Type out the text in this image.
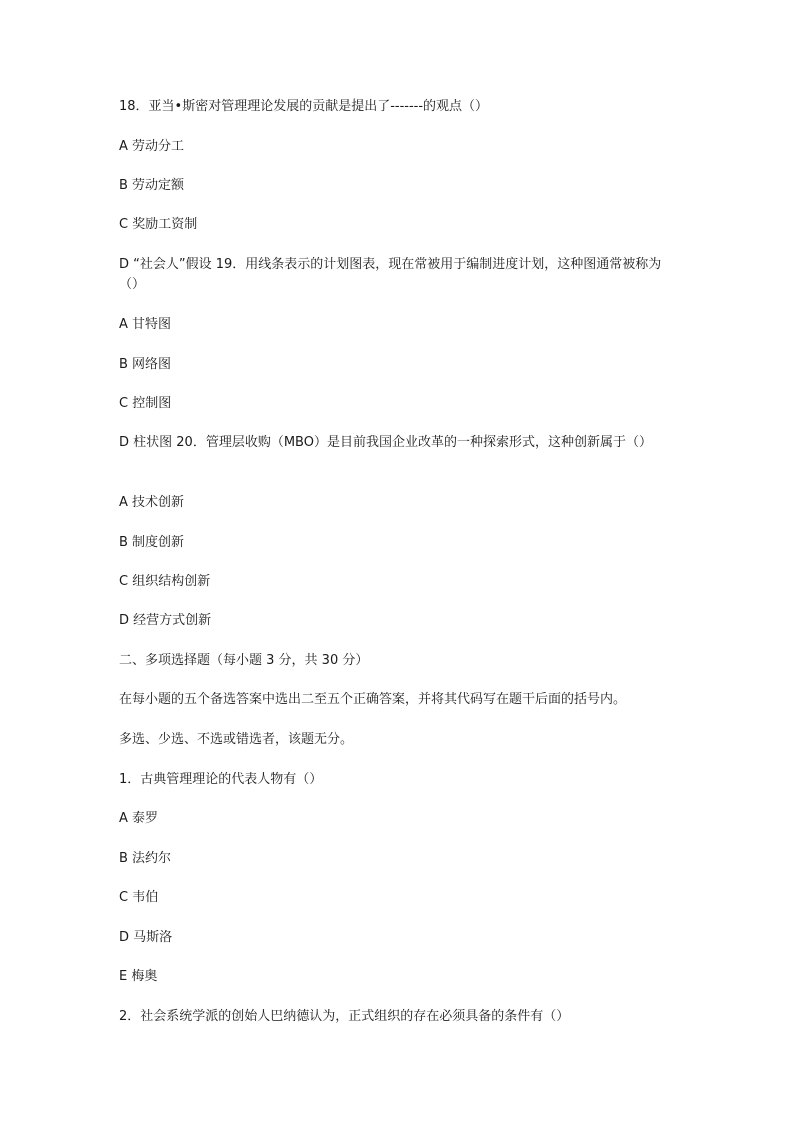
18．亚当•斯密对管理理论发展的贡献是提出了-------的观点（）

A 劳动分工

B 劳动定额

C 奖励工资制

D “社会人”假设 19．用线条表示的计划图表，现在常被用于编制进度计划，这种图通常被称为（）

A 甘特图

B 网络图

C 控制图

D 柱状图 20．管理层收购（MBO）是目前我国企业改革的一种探索形式，这种创新属于（）

A 技术创新

B 制度创新

C 组织结构创新

D 经营方式创新

二、多项选择题（每小题 3 分，共 30 分）

在每小题的五个备选答案中选出二至五个正确答案，并将其代码写在题干后面的括号内。

多选、少选、不选或错选者，该题无分。

1．古典管理理论的代表人物有（）

A 泰罗

B 法约尔

C 韦伯

D 马斯洛

E 梅奥

2．社会系统学派的创始人巴纳德认为，正式组织的存在必须具备的条件有（）
